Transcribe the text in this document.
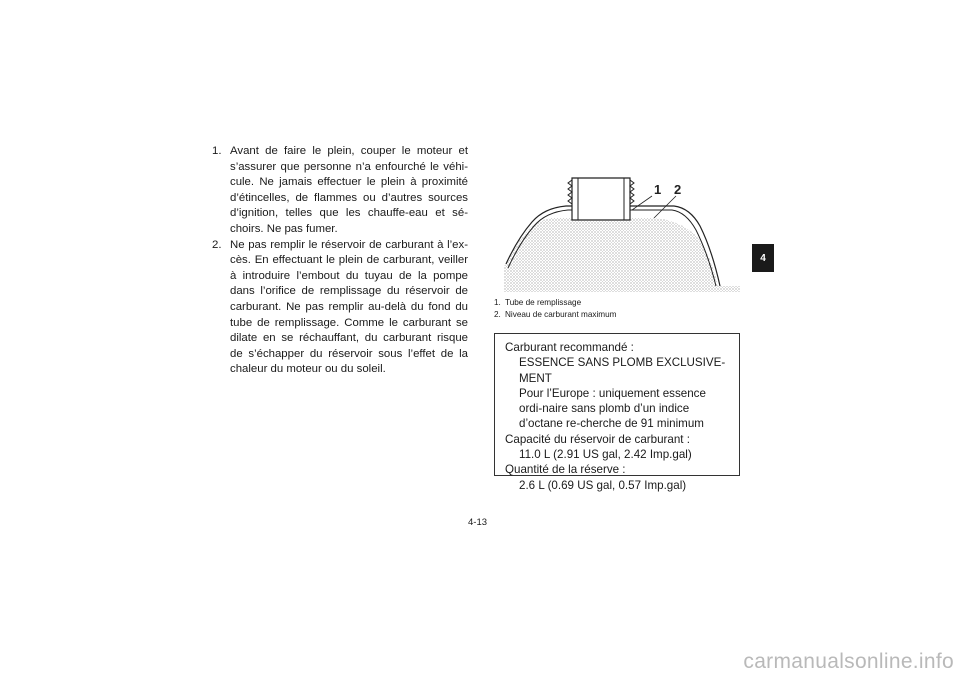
1. Avant de faire le plein, couper le moteur et s’assurer que personne n’a enfourché le véhi-cule. Ne jamais effectuer le plein à proximité d’étincelles, de flammes ou d’autres sources d’ignition, telles que les chauffe-eau et sé-choirs. Ne pas fumer.
2. Ne pas remplir le réservoir de carburant à l’ex-cès. En effectuant le plein de carburant, veiller à introduire l’embout du tuyau de la pompe dans l’orifice de remplissage du réservoir de carburant. Ne pas remplir au-delà du fond du tube de remplissage. Comme le carburant se dilate en se réchauffant, du carburant risque de s’échapper du réservoir sous l’effet de la chaleur du moteur ou du soleil.
1 2
1. Tube de remplissage
2. Niveau de carburant maximum
Carburant recommandé :
ESSENCE SANS PLOMB EXCLUSIVE-MENT
Pour l’Europe : uniquement essence ordi-naire sans plomb d’un indice d’octane re-cherche de 91 minimum
Capacité du réservoir de carburant :
11.0 L (2.91 US gal, 2.42 Imp.gal)
Quantité de la réserve :
2.6 L (0.69 US gal, 0.57 Imp.gal)
4
4-13
carmanualsonline.info
